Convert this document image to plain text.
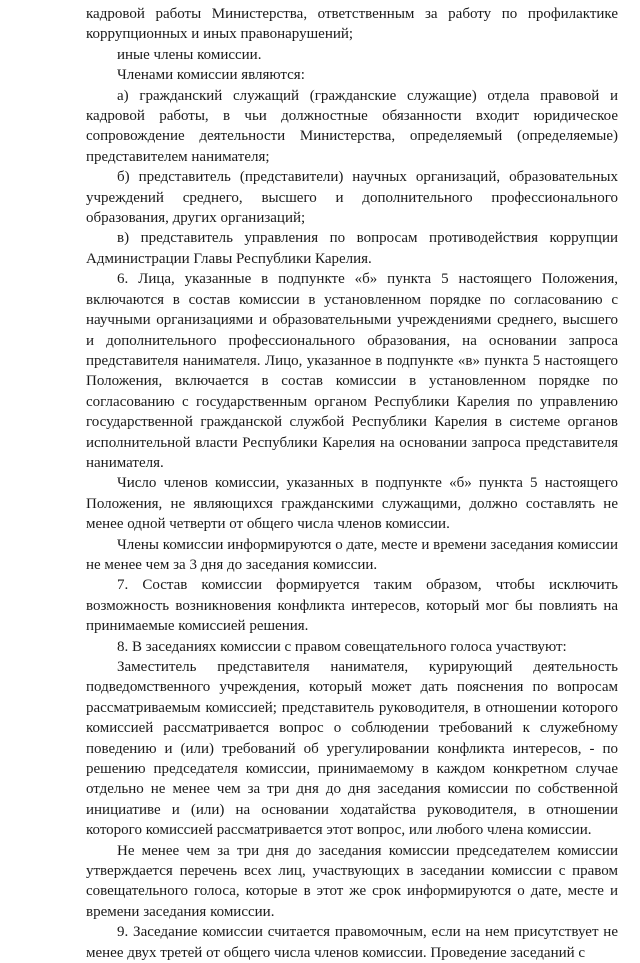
кадровой работы Министерства, ответственным за работу по профилактике коррупционных и иных правонарушений;

иные члены комиссии.

Членами комиссии являются:

а) гражданский служащий (гражданские служащие) отдела правовой и кадровой работы, в чьи должностные обязанности входит юридическое сопровождение деятельности Министерства, определяемый (определяемые) представителем нанимателя;

б) представитель (представители) научных организаций, образовательных учреждений среднего, высшего и дополнительного профессионального образования, других организаций;

в) представитель управления по вопросам противодействия коррупции Администрации Главы Республики Карелия.

6. Лица, указанные в подпункте «б» пункта 5 настоящего Положения, включаются в состав комиссии в установленном порядке по согласованию с научными организациями и образовательными учреждениями среднего, высшего и дополнительного профессионального образования, на основании запроса представителя нанимателя. Лицо, указанное в подпункте «в» пункта 5 настоящего Положения, включается в состав комиссии в установленном порядке по согласованию с государственным органом Республики Карелия по управлению государственной гражданской службой Республики Карелия в системе органов исполнительной власти Республики Карелия на основании запроса представителя нанимателя.

Число членов комиссии, указанных в подпункте «б» пункта 5 настоящего Положения, не являющихся гражданскими служащими, должно составлять не менее одной четверти от общего числа членов комиссии.

Члены комиссии информируются о дате, месте и времени заседания комиссии не менее чем за 3 дня до заседания комиссии.

7. Состав комиссии формируется таким образом, чтобы исключить возможность возникновения конфликта интересов, который мог бы повлиять на принимаемые комиссией решения.

8. В заседаниях комиссии с правом совещательного голоса участвуют:

Заместитель представителя нанимателя, курирующий деятельность подведомственного учреждения, который может дать пояснения по вопросам рассматриваемым комиссией; представитель руководителя, в отношении которого комиссией рассматривается вопрос о соблюдении требований к служебному поведению и (или) требований об урегулировании конфликта интересов, - по решению председателя комиссии, принимаемому в каждом конкретном случае отдельно не менее чем за три дня до дня заседания комиссии по собственной инициативе и (или) на основании ходатайства руководителя, в отношении которого комиссией рассматривается этот вопрос, или любого члена комиссии.

Не менее чем за три дня до заседания комиссии председателем комиссии утверждается перечень всех лиц, участвующих в заседании комиссии с правом совещательного голоса, которые в этот же срок информируются о дате, месте и времени заседания комиссии.

9. Заседание комиссии считается правомочным, если на нем присутствует не менее двух третей от общего числа членов комиссии. Проведение заседаний с
